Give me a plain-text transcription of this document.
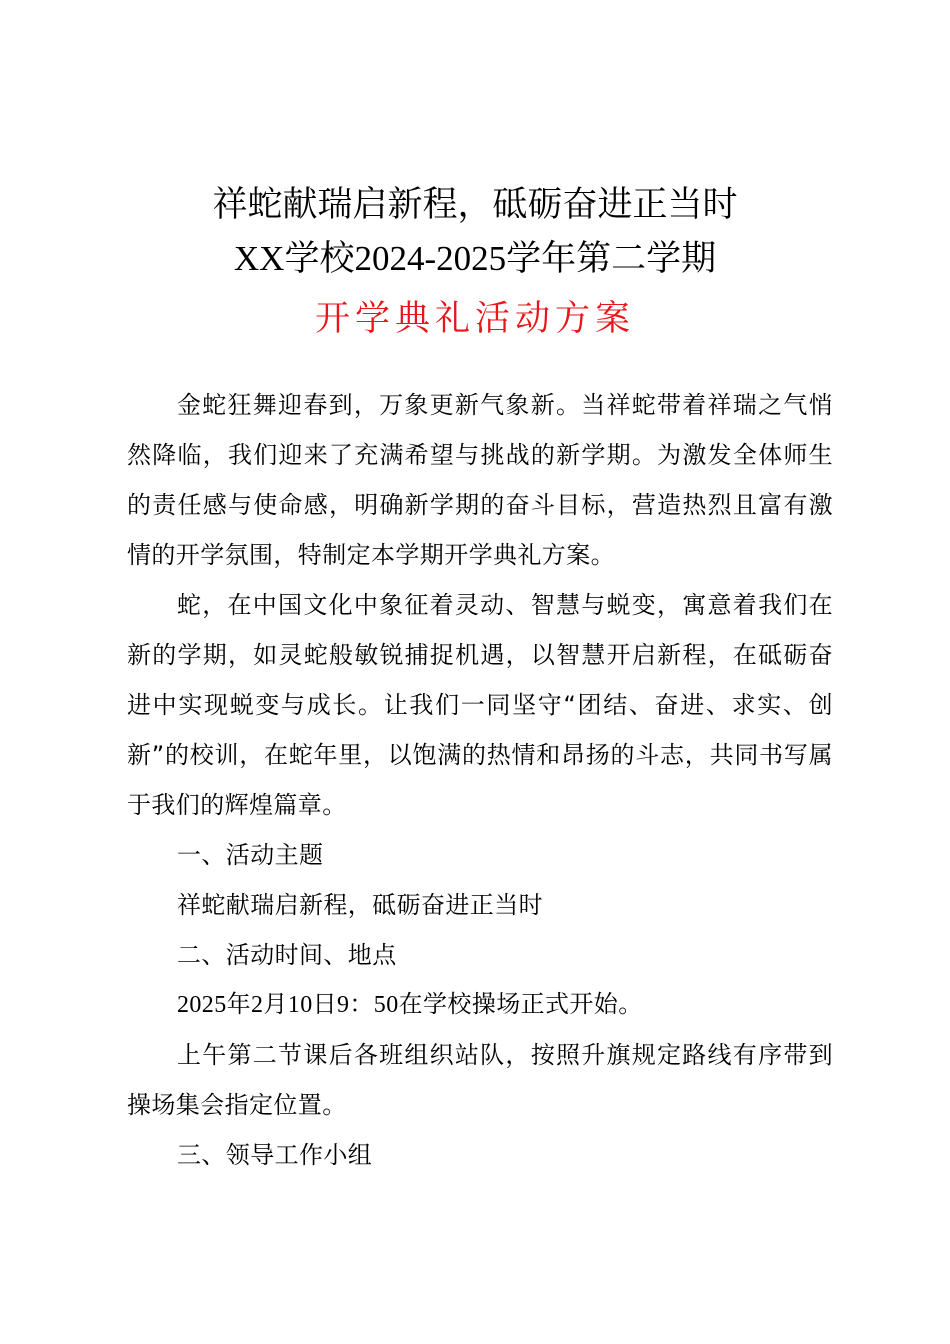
祥蛇献瑞启新程，砥砺奋进正当时
XX学校2024-2025学年第二学期
开学典礼活动方案

金蛇狂舞迎春到，万象更新气象新。当祥蛇带着祥瑞之气悄然降临，我们迎来了充满希望与挑战的新学期。为激发全体师生的责任感与使命感，明确新学期的奋斗目标，营造热烈且富有激情的开学氛围，特制定本学期开学典礼方案。

蛇，在中国文化中象征着灵动、智慧与蜕变，寓意着我们在新的学期，如灵蛇般敏锐捕捉机遇，以智慧开启新程，在砥砺奋进中实现蜕变与成长。让我们一同坚守“团结、奋进、求实、创新”的校训，在蛇年里，以饱满的热情和昂扬的斗志，共同书写属于我们的辉煌篇章。

一、活动主题

祥蛇献瑞启新程，砥砺奋进正当时

二、活动时间、地点

2025年2月10日9：50在学校操场正式开始。

上午第二节课后各班组织站队，按照升旗规定路线有序带到操场集会指定位置。

三、领导工作小组
